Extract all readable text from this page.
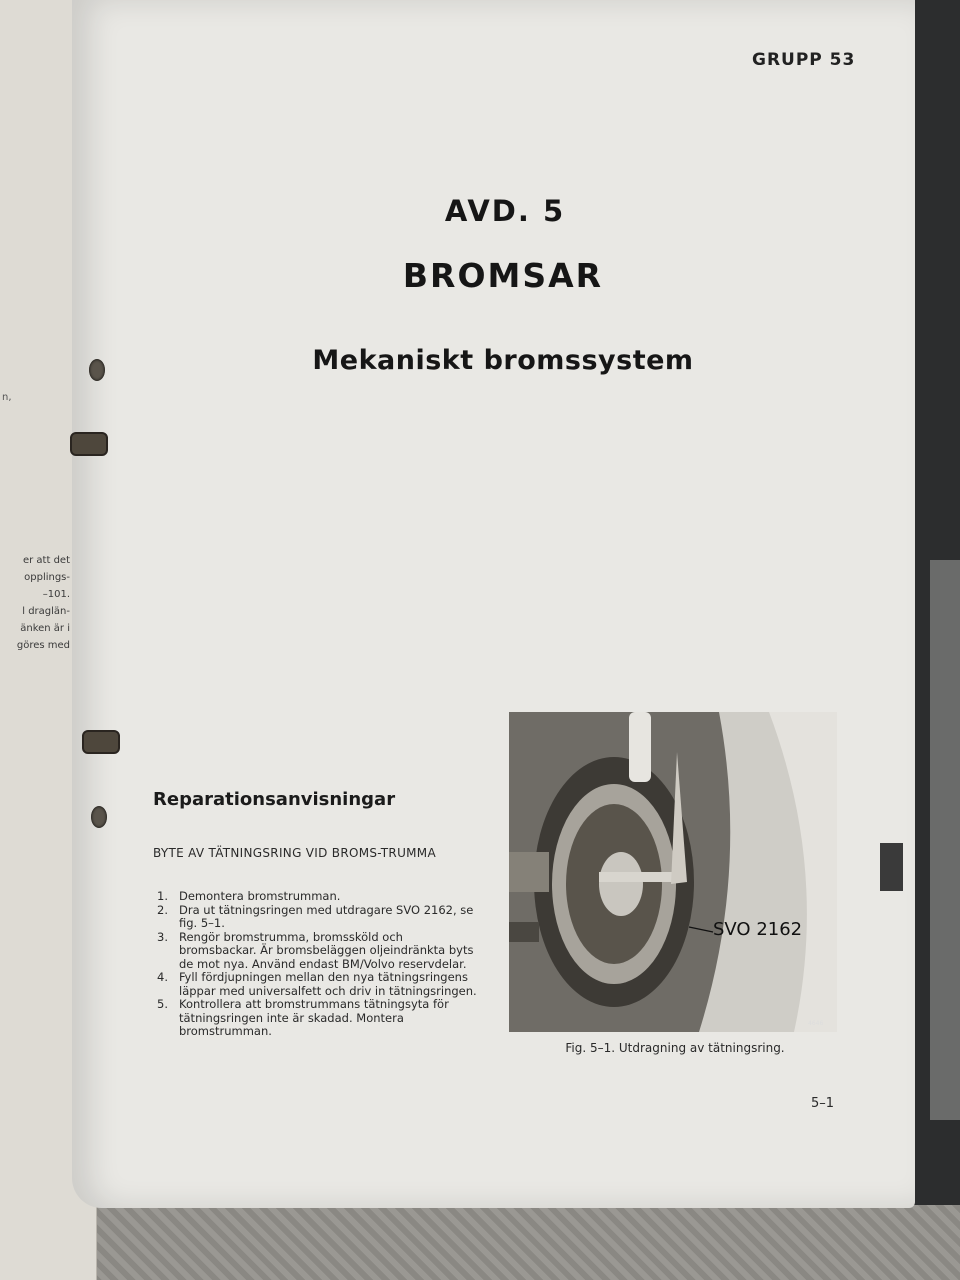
n,
er att det
opplings-
–101.
l draglän-
änken är i
göres med
GRUPP 53
AVD. 5
BROMSAR
Mekaniskt bromssystem
Reparationsanvisningar
BYTE AV TÄTNINGSRING VID BROMS-TRUMMA
1. Demontera bromstrumman.
2. Dra ut tätningsringen med utdragare SVO 2162, se fig. 5–1.
3. Rengör bromstrumma, bromssköld och bromsbackar. Är bromsbeläggen oljeindränkta byts de mot nya. Använd endast BM/Volvo reservdelar.
4. Fyll fördjupningen mellan den nya tätningsringens läppar med universalfett och driv in tätningsringen.
5. Kontrollera att bromstrummans tätningsyta för tätningsringen inte är skadad. Montera bromstrumman.
SVO 2162
4646
Fig. 5–1. Utdragning av tätningsring.
5–1
